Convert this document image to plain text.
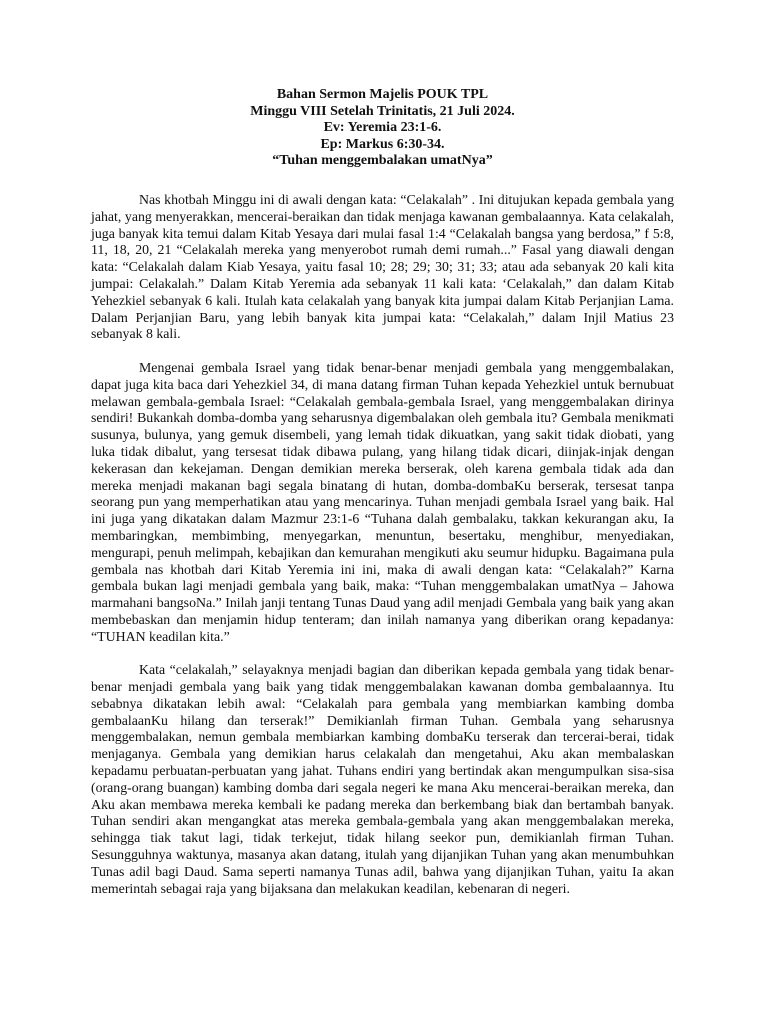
Bahan Sermon Majelis POUK TPL
Minggu VIII Setelah Trinitatis, 21 Juli 2024.
Ev: Yeremia 23:1-6.
Ep: Markus 6:30-34.
“Tuhan menggembalakan umatNya”

Nas khotbah Minggu ini di awali dengan kata: “Celakalah” . Ini ditujukan kepada gembala yang jahat, yang menyerakkan, mencerai-beraikan dan tidak menjaga kawanan gembalaannya. Kata celakalah, juga banyak kita temui dalam Kitab Yesaya dari mulai fasal 1:4 “Celakalah bangsa yang berdosa,” f 5:8, 11, 18, 20, 21 “Celakalah mereka yang menyerobot rumah demi rumah...” Fasal yang diawali dengan kata: “Celakalah dalam Kiab Yesaya, yaitu fasal 10; 28; 29; 30; 31; 33; atau ada sebanyak 20 kali kita jumpai: Celakalah.” Dalam Kitab Yeremia ada sebanyak 11 kali kata: ‘Celakalah,” dan dalam Kitab Yehezkiel sebanyak 6 kali. Itulah kata celakalah yang banyak kita jumpai dalam Kitab Perjanjian Lama. Dalam Perjanjian Baru, yang lebih banyak kita jumpai kata: “Celakalah,” dalam Injil Matius 23 sebanyak 8 kali.

Mengenai gembala Israel yang tidak benar-benar menjadi gembala yang menggembalakan, dapat juga kita baca dari Yehezkiel 34, di mana datang firman Tuhan kepada Yehezkiel untuk bernubuat melawan gembala-gembala Israel: “Celakalah gembala-gembala Israel, yang menggembalakan dirinya sendiri! Bukankah domba-domba yang seharusnya digembalakan oleh gembala itu? Gembala menikmati susunya, bulunya, yang gemuk disembeli, yang lemah tidak dikuatkan, yang sakit tidak diobati, yang luka tidak dibalut, yang tersesat tidak dibawa pulang, yang hilang tidak dicari, diinjak-injak dengan kekerasan dan kekejaman. Dengan demikian mereka berserak, oleh karena gembala tidak ada dan mereka menjadi makanan bagi segala binatang di hutan, domba-dombaKu berserak, tersesat tanpa seorang pun yang memperhatikan atau yang mencarinya. Tuhan menjadi gembala Israel yang baik. Hal ini juga yang dikatakan dalam Mazmur 23:1-6 “Tuhana dalah gembalaku, takkan kekurangan aku, Ia membaringkan, membimbing, menyegarkan, menuntun, besertaku, menghibur, menyediakan, mengurapi, penuh melimpah, kebajikan dan kemurahan mengikuti aku seumur hidupku. Bagaimana pula gembala nas khotbah dari Kitab Yeremia ini ini, maka di awali dengan kata: “Celakalah?” Karna gembala bukan lagi menjadi gembala yang baik, maka: “Tuhan menggembalakan umatNya – Jahowa marmahani bangsoNa.” Inilah janji tentang Tunas Daud yang adil menjadi Gembala yang baik yang akan membebaskan dan menjamin hidup tenteram; dan inilah namanya yang diberikan orang kepadanya: “TUHAN keadilan kita.”

Kata “celakalah,” selayaknya menjadi bagian dan diberikan kepada gembala yang tidak benar-benar menjadi gembala yang baik yang tidak menggembalakan kawanan domba gembalaannya. Itu sebabnya dikatakan lebih awal: “Celakalah para gembala yang membiarkan kambing domba gembalaanKu hilang dan terserak!” Demikianlah firman Tuhan. Gembala yang seharusnya menggembalakan, nemun gembala membiarkan kambing dombaKu terserak dan tercerai-berai, tidak menjaganya. Gembala yang demikian harus celakalah dan mengetahui, Aku akan membalaskan kepadamu perbuatan-perbuatan yang jahat. Tuhans endiri yang bertindak akan mengumpulkan sisa-sisa (orang-orang buangan) kambing domba dari segala negeri ke mana Aku mencerai-beraikan mereka, dan Aku akan membawa mereka kembali ke padang mereka dan berkembang biak dan bertambah banyak. Tuhan sendiri akan mengangkat atas mereka gembala-gembala yang akan menggembalakan mereka, sehingga tiak takut lagi, tidak terkejut, tidak hilang seekor pun, demikianlah firman Tuhan. Sesungguhnya waktunya, masanya akan datang, itulah yang dijanjikan Tuhan yang akan menumbuhkan Tunas adil bagi Daud. Sama seperti namanya Tunas adil, bahwa yang dijanjikan Tuhan, yaitu Ia akan memerintah sebagai raja yang bijaksana dan melakukan keadilan, kebenaran di negeri.
